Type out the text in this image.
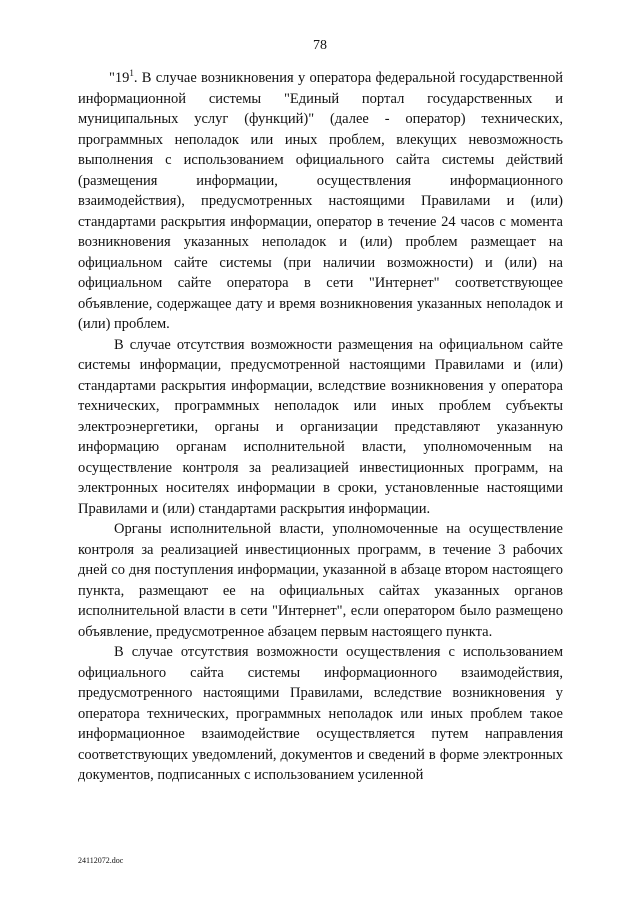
78

"$19^1$. В случае возникновения у оператора федеральной государственной информационной системы "Единый портал государственных и муниципальных услуг (функций)" (далее - оператор) технических, программных неполадок или иных проблем, влекущих невозможность выполнения с использованием официального сайта системы действий (размещения информации, осуществления информационного взаимодействия), предусмотренных настоящими Правилами и (или) стандартами раскрытия информации, оператор в течение 24 часов с момента возникновения указанных неполадок и (или) проблем размещает на официальном сайте системы (при наличии возможности) и (или) на официальном сайте оператора в сети "Интернет" соответствующее объявление, содержащее дату и время возникновения указанных неполадок и (или) проблем.

В случае отсутствия возможности размещения на официальном сайте системы информации, предусмотренной настоящими Правилами и (или) стандартами раскрытия информации, вследствие возникновения у оператора технических, программных неполадок или иных проблем субъекты электроэнергетики, органы и организации представляют указанную информацию органам исполнительной власти, уполномоченным на осуществление контроля за реализацией инвестиционных программ, на электронных носителях информации в сроки, установленные настоящими Правилами и (или) стандартами раскрытия информации.

Органы исполнительной власти, уполномоченные на осуществление контроля за реализацией инвестиционных программ, в течение 3 рабочих дней со дня поступления информации, указанной в абзаце втором настоящего пункта, размещают ее на официальных сайтах указанных органов исполнительной власти в сети "Интернет", если оператором было размещено объявление, предусмотренное абзацем первым настоящего пункта.

В случае отсутствия возможности осуществления с использованием официального сайта системы информационного взаимодействия, предусмотренного настоящими Правилами, вследствие возникновения у оператора технических, программных неполадок или иных проблем такое информационное взаимодействие осуществляется путем направления соответствующих уведомлений, документов и сведений в форме электронных документов, подписанных с использованием усиленной

24112072.doc
